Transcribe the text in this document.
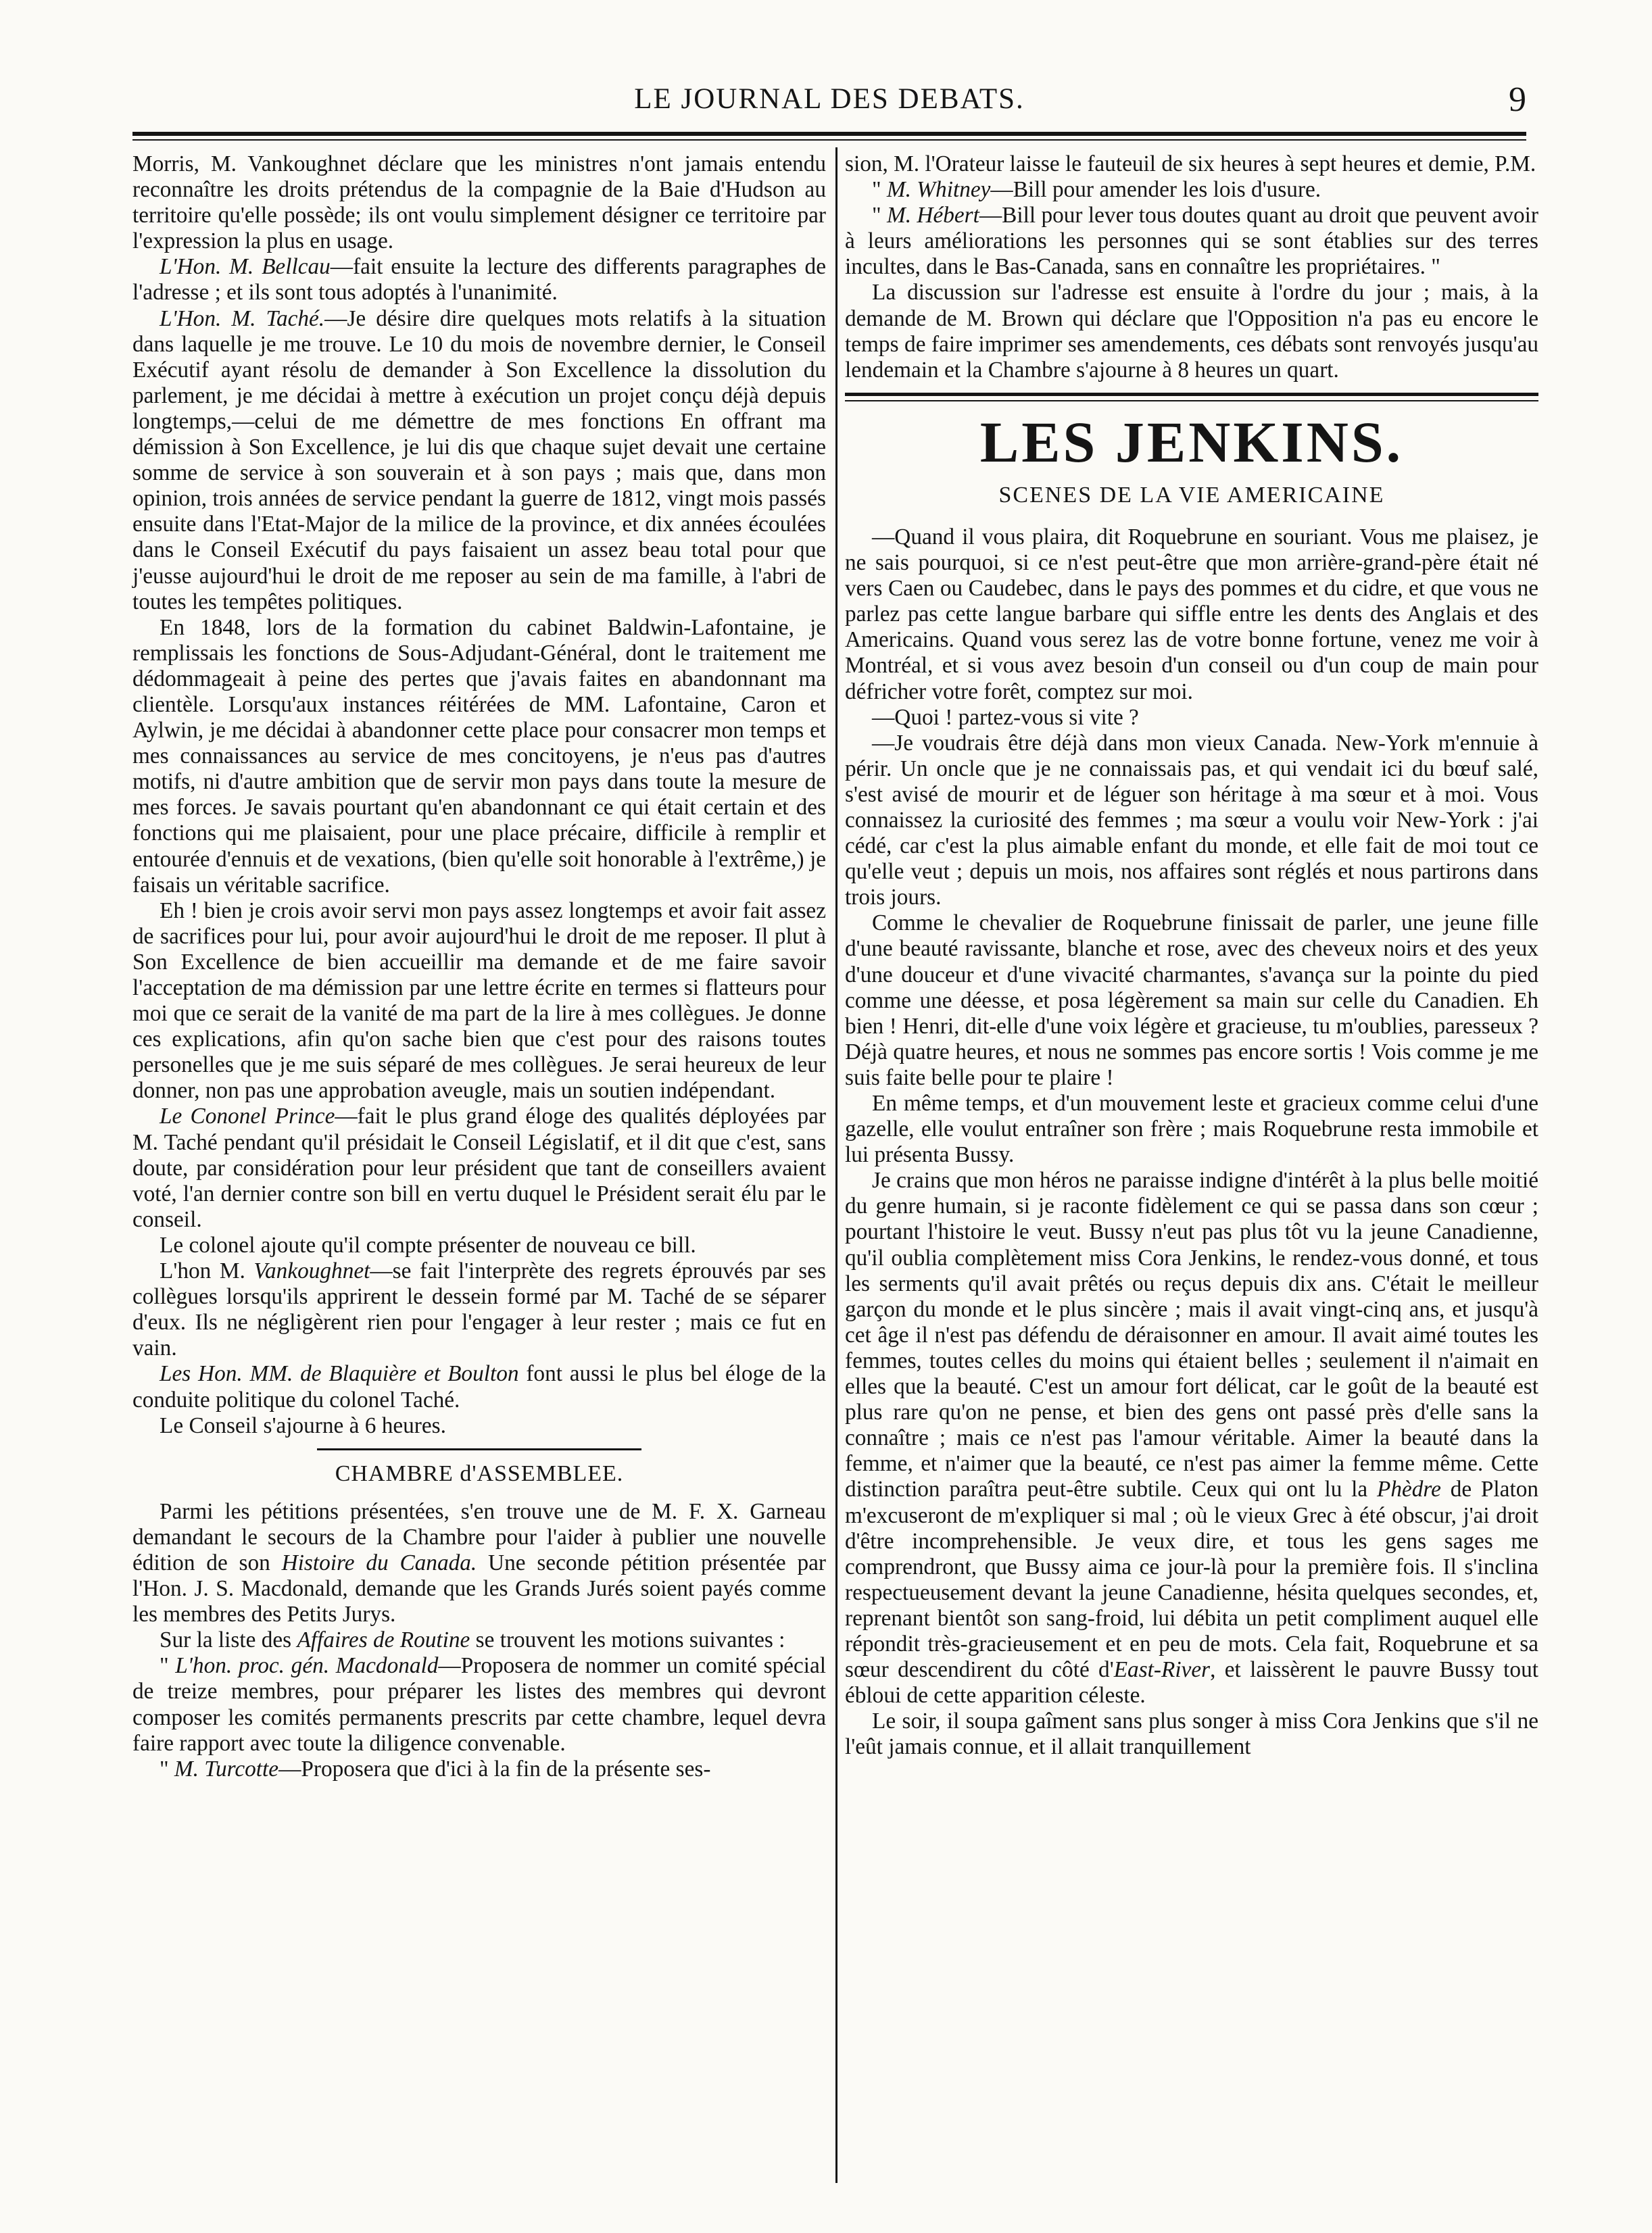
LE JOURNAL DES DEBATS.	9

Morris, M. Vankoughnet déclare que les ministres n'ont jamais entendu reconnaître les droits prétendus de la compagnie de la Baie d'Hudson au territoire qu'elle possède; ils ont voulu simplement désigner ce territoire par l'expression la plus en usage.

L'Hon. M. Bellcau—fait ensuite la lecture des differents paragraphes de l'adresse ; et ils sont tous adoptés à l'unanimité.

L'Hon. M. Taché.—Je désire dire quelques mots relatifs à la situation dans laquelle je me trouve. Le 10 du mois de novembre dernier, le Conseil Exécutif ayant résolu de demander à Son Excellence la dissolution du parlement, je me décidai à mettre à exécution un projet conçu déjà depuis longtemps,—celui de me démettre de mes fonctions En offrant ma démission à Son Excellence, je lui dis que chaque sujet devait une certaine somme de service à son souverain et à son pays ; mais que, dans mon opinion, trois années de service pendant la guerre de 1812, vingt mois passés ensuite dans l'Etat-Major de la milice de la province, et dix années écoulées dans le Conseil Exécutif du pays faisaient un assez beau total pour que j'eusse aujourd'hui le droit de me reposer au sein de ma famille, à l'abri de toutes les tempêtes politiques.

En 1848, lors de la formation du cabinet Baldwin-Lafontaine, je remplissais les fonctions de Sous-Adjudant-Général, dont le traitement me dédommageait à peine des pertes que j'avais faites en abandonnant ma clientèle. Lorsqu'aux instances réitérées de MM. Lafontaine, Caron et Aylwin, je me décidai à abandonner cette place pour consacrer mon temps et mes connaissances au service de mes concitoyens, je n'eus pas d'autres motifs, ni d'autre ambition que de servir mon pays dans toute la mesure de mes forces. Je savais pourtant qu'en abandonnant ce qui était certain et des fonctions qui me plaisaient, pour une place précaire, difficile à remplir et entourée d'ennuis et de vexations, (bien qu'elle soit honorable à l'extrême,) je faisais un véritable sacrifice.

Eh ! bien je crois avoir servi mon pays assez longtemps et avoir fait assez de sacrifices pour lui, pour avoir aujourd'hui le droit de me reposer. Il plut à Son Excellence de bien accueillir ma demande et de me faire savoir l'acceptation de ma démission par une lettre écrite en termes si flatteurs pour moi que ce serait de la vanité de ma part de la lire à mes collègues. Je donne ces explications, afin qu'on sache bien que c'est pour des raisons toutes personelles que je me suis séparé de mes collègues. Je serai heureux de leur donner, non pas une approbation aveugle, mais un soutien indépendant.

Le Cononel Prince—fait le plus grand éloge des qualités déployées par M. Taché pendant qu'il présidait le Conseil Législatif, et il dit que c'est, sans doute, par considération pour leur président que tant de conseillers avaient voté, l'an dernier contre son bill en vertu duquel le Président serait élu par le conseil.

Le colonel ajoute qu'il compte présenter de nouveau ce bill.

L'hon M. Vankoughnet—se fait l'interprète des regrets éprouvés par ses collègues lorsqu'ils apprirent le dessein formé par M. Taché de se séparer d'eux. Ils ne négligèrent rien pour l'engager à leur rester ; mais ce fut en vain.

Les Hon. MM. de Blaquière et Boulton font aussi le plus bel éloge de la conduite politique du colonel Taché.

Le Conseil s'ajourne à 6 heures.

CHAMBRE d'ASSEMBLEE.

Parmi les pétitions présentées, s'en trouve une de M. F. X. Garneau demandant le secours de la Chambre pour l'aider à publier une nouvelle édition de son Histoire du Canada. Une seconde pétition présentée par l'Hon. J. S. Macdonald, demande que les Grands Jurés soient payés comme les membres des Petits Jurys.

Sur la liste des Affaires de Routine se trouvent les motions suivantes :

" L'hon. proc. gén. Macdonald—Proposera de nommer un comité spécial de treize membres, pour préparer les listes des membres qui devront composer les comités permanents prescrits par cette chambre, lequel devra faire rapport avec toute la diligence convenable.

" M. Turcotte—Proposera que d'ici à la fin de la présente ses-

sion, M. l'Orateur laisse le fauteuil de six heures à sept heures et demie, P.M.

" M. Whitney—Bill pour amender les lois d'usure.

" M. Hébert—Bill pour lever tous doutes quant au droit que peuvent avoir à leurs améliorations les personnes qui se sont établies sur des terres incultes, dans le Bas-Canada, sans en connaître les propriétaires. "

La discussion sur l'adresse est ensuite à l'ordre du jour ; mais, à la demande de M. Brown qui déclare que l'Opposition n'a pas eu encore le temps de faire imprimer ses amendements, ces débats sont renvoyés jusqu'au lendemain et la Chambre s'ajourne à 8 heures un quart.

LES JENKINS.
SCENES DE LA VIE AMERICAINE

—Quand il vous plaira, dit Roquebrune en souriant. Vous me plaisez, je ne sais pourquoi, si ce n'est peut-être que mon arrière-grand-père était né vers Caen ou Caudebec, dans le pays des pommes et du cidre, et que vous ne parlez pas cette langue barbare qui siffle entre les dents des Anglais et des Americains. Quand vous serez las de votre bonne fortune, venez me voir à Montréal, et si vous avez besoin d'un conseil ou d'un coup de main pour défricher votre forêt, comptez sur moi.

—Quoi ! partez-vous si vite ?

—Je voudrais être déjà dans mon vieux Canada. New-York m'ennuie à périr. Un oncle que je ne connaissais pas, et qui vendait ici du bœuf salé, s'est avisé de mourir et de léguer son héritage à ma sœur et à moi. Vous connaissez la curiosité des femmes ; ma sœur a voulu voir New-York : j'ai cédé, car c'est la plus aimable enfant du monde, et elle fait de moi tout ce qu'elle veut ; depuis un mois, nos affaires sont réglés et nous partirons dans trois jours.

Comme le chevalier de Roquebrune finissait de parler, une jeune fille d'une beauté ravissante, blanche et rose, avec des cheveux noirs et des yeux d'une douceur et d'une vivacité charmantes, s'avança sur la pointe du pied comme une déesse, et posa légèrement sa main sur celle du Canadien. Eh bien ! Henri, dit-elle d'une voix légère et gracieuse, tu m'oublies, paresseux ? Déjà quatre heures, et nous ne sommes pas encore sortis ! Vois comme je me suis faite belle pour te plaire !

En même temps, et d'un mouvement leste et gracieux comme celui d'une gazelle, elle voulut entraîner son frère ; mais Roquebrune resta immobile et lui présenta Bussy.

Je crains que mon héros ne paraisse indigne d'intérêt à la plus belle moitié du genre humain, si je raconte fidèlement ce qui se passa dans son cœur ; pourtant l'histoire le veut. Bussy n'eut pas plus tôt vu la jeune Canadienne, qu'il oublia complètement miss Cora Jenkins, le rendez-vous donné, et tous les serments qu'il avait prêtés ou reçus depuis dix ans. C'était le meilleur garçon du monde et le plus sincère ; mais il avait vingt-cinq ans, et jusqu'à cet âge il n'est pas défendu de déraisonner en amour. Il avait aimé toutes les femmes, toutes celles du moins qui étaient belles ; seulement il n'aimait en elles que la beauté. C'est un amour fort délicat, car le goût de la beauté est plus rare qu'on ne pense, et bien des gens ont passé près d'elle sans la connaître ; mais ce n'est pas l'amour véritable. Aimer la beauté dans la femme, et n'aimer que la beauté, ce n'est pas aimer la femme même. Cette distinction paraîtra peut-être subtile. Ceux qui ont lu la Phèdre de Platon m'excuseront de m'expliquer si mal ; où le vieux Grec à été obscur, j'ai droit d'être incomprehensible. Je veux dire, et tous les gens sages me comprendront, que Bussy aima ce jour-là pour la première fois. Il s'inclina respectueusement devant la jeune Canadienne, hésita quelques secondes, et, reprenant bientôt son sang-froid, lui débita un petit compliment auquel elle répondit très-gracieusement et en peu de mots. Cela fait, Roquebrune et sa sœur descendirent du côté d'East-River, et laissèrent le pauvre Bussy tout ébloui de cette apparition céleste.

Le soir, il soupa gaîment sans plus songer à miss Cora Jenkins que s'il ne l'eût jamais connue, et il allait tranquillement
